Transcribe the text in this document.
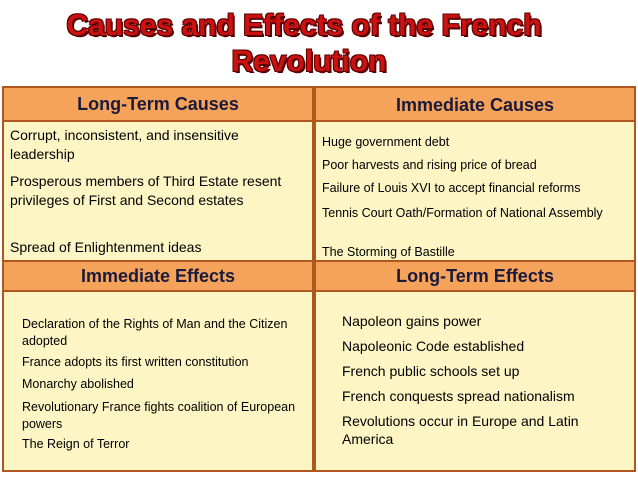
Causes and Effects of the French
Revolution
Long-Term Causes	Immediate Causes
Immediate Effects	Long-Term Effects
Corrupt, inconsistent, and insensitive leadership
Prosperous members of Third Estate resent privileges of First and Second estates
Spread of Enlightenment ideas
Huge government debt
Poor harvests and rising price of bread
Failure of Louis XVI to accept financial reforms
Tennis Court Oath/Formation of National Assembly
The Storming of Bastille
Declaration of the Rights of Man and the Citizen adopted
France adopts its first written constitution
Monarchy abolished
Revolutionary France fights coalition of European powers
The Reign of Terror
Napoleon gains power
Napoleonic Code established
French public schools set up
French conquests spread nationalism
Revolutions occur in Europe and Latin America
